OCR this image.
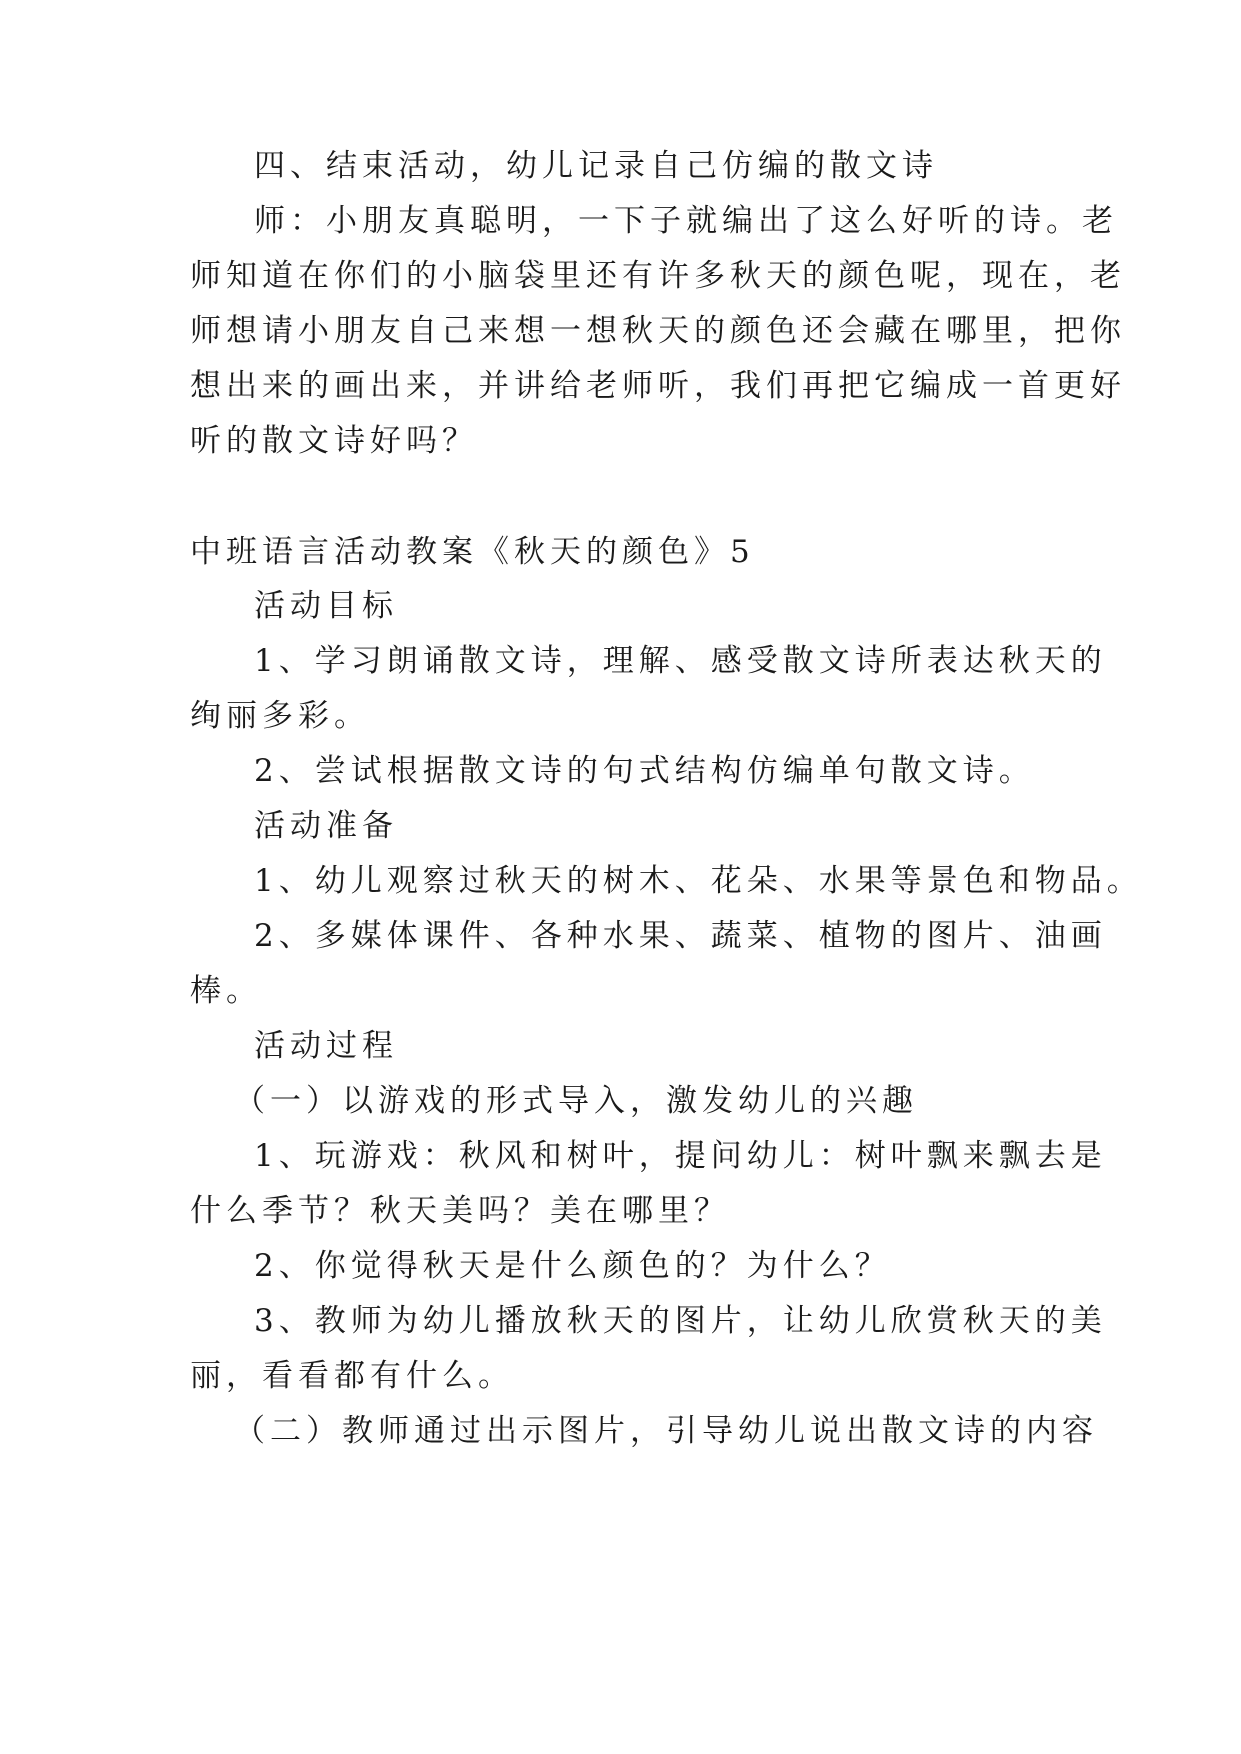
四、结束活动，幼儿记录自己仿编的散文诗
师：小朋友真聪明，一下子就编出了这么好听的诗。老
师知道在你们的小脑袋里还有许多秋天的颜色呢，现在，老
师想请小朋友自己来想一想秋天的颜色还会藏在哪里，把你
想出来的画出来，并讲给老师听，我们再把它编成一首更好
听的散文诗好吗？
中班语言活动教案《秋天的颜色》5
活动目标
1、学习朗诵散文诗，理解、感受散文诗所表达秋天的
绚丽多彩。
2、尝试根据散文诗的句式结构仿编单句散文诗。
活动准备
1、幼儿观察过秋天的树木、花朵、水果等景色和物品。
2、多媒体课件、各种水果、蔬菜、植物的图片、油画
棒。
活动过程
（一）以游戏的形式导入，激发幼儿的兴趣
1、玩游戏：秋风和树叶，提问幼儿：树叶飘来飘去是
什么季节？秋天美吗？美在哪里？
2、你觉得秋天是什么颜色的？为什么？
3、教师为幼儿播放秋天的图片，让幼儿欣赏秋天的美
丽，看看都有什么。
（二）教师通过出示图片，引导幼儿说出散文诗的内容
